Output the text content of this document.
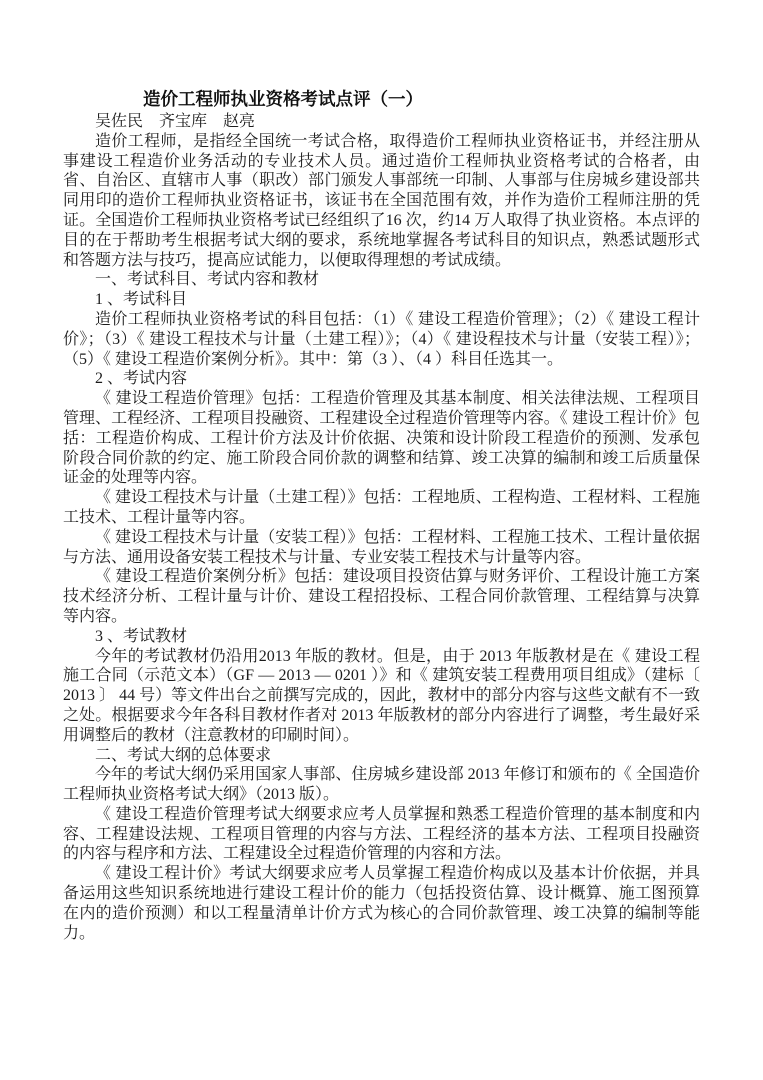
造价工程师执业资格考试点评（一）

吴佐民　齐宝库　赵亮

造价工程师，是指经全国统一考试合格，取得造价工程师执业资格证书，并经注册从事建设工程造价业务活动的专业技术人员。通过造价工程师执业资格考试的合格者，由省、自治区、直辖市人事（职改）部门颁发人事部统一印制、人事部与住房城乡建设部共同用印的造价工程师执业资格证书，该证书在全国范围有效，并作为造价工程师注册的凭证。全国造价工程师执业资格考试已经组织了16 次，约14 万人取得了执业资格。本点评的目的在于帮助考生根据考试大纲的要求，系统地掌握各考试科目的知识点，熟悉试题形式和答题方法与技巧，提高应试能力，以便取得理想的考试成绩。

一、考试科目、考试内容和教材

1 、考试科目

造价工程师执业资格考试的科目包括：（1）《 建设工程造价管理》；（2）《 建设工程计价》；（3）《 建设工程技术与计量（土建工程）》；（4）《 建设程技术与计量（安装工程）》；（5）《 建设工程造价案例分析》。其中：第（3 ）、（4 ）科目任选其一。

2 、考试内容

《 建设工程造价管理》包括：工程造价管理及其基本制度、相关法律法规、工程项目管理、工程经济、工程项目投融资、工程建设全过程造价管理等内容。《 建设工程计价》包括：工程造价构成、工程计价方法及计价依据、决策和设计阶段工程造价的预测、发承包阶段合同价款的约定、施工阶段合同价款的调整和结算、竣工决算的编制和竣工后质量保证金的处理等内容。

《 建设工程技术与计量（土建工程）》包括：工程地质、工程构造、工程材料、工程施工技术、工程计量等内容。

《 建设工程技术与计量（安装工程）》包括：工程材料、工程施工技术、工程计量依据与方法、通用设备安装工程技术与计量、专业安装工程技术与计量等内容。

《 建设工程造价案例分析》包括：建设项目投资估算与财务评价、工程设计施工方案技术经济分析、工程计量与计价、建设工程招投标、工程合同价款管理、工程结算与决算等内容。

3 、考试教材

今年的考试教材仍沿用2013 年版的教材。但是，由于 2013 年版教材是在《 建设工程施工合同（示范文本）（GF — 2013 — 0201 ）》和《 建筑安装工程费用项目组成》（建标〔 2013 〕 44 号）等文件出台之前撰写完成的，因此，教材中的部分内容与这些文献有不一致之处。根据要求今年各科目教材作者对 2013 年版教材的部分内容进行了调整，考生最好采用调整后的教材（注意教材的印刷时间）。

二、考试大纲的总体要求

今年的考试大纲仍采用国家人事部、住房城乡建设部 2013 年修订和颁布的《 全国造价工程师执业资格考试大纲》（2013 版）。

《 建设工程造价管理考试大纲要求应考人员掌握和熟悉工程造价管理的基本制度和内容、工程建设法规、工程项目管理的内容与方法、工程经济的基本方法、工程项目投融资的内容与程序和方法、工程建设全过程造价管理的内容和方法。

《 建设工程计价》考试大纲要求应考人员掌握工程造价构成以及基本计价依据，并具备运用这些知识系统地进行建设工程计价的能力（包括投资估算、设计概算、施工图预算在内的造价预测）和以工程量清单计价方式为核心的合同价款管理、竣工决算的编制等能力。
